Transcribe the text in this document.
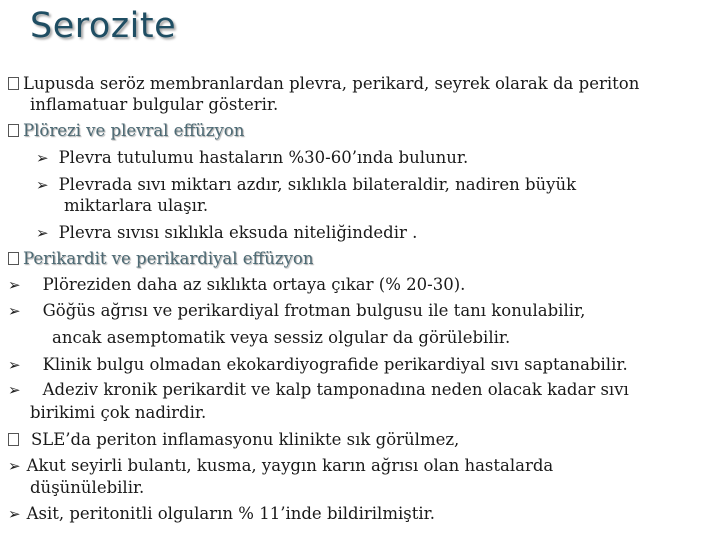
Serozite
Lupusda seröz membranlardan plevra, perikard, seyrek olarak da periton
inflamatuar bulgular gösterir.
Plörezi ve plevral effüzyon
➢ Plevra tutulumu hastaların %30-60’ında bulunur.
➢ Plevrada sıvı miktarı azdır, sıklıkla bilateraldir, nadiren büyük
miktarlara ulaşır.
➢ Plevra sıvısı sıklıkla eksuda niteliğindedir .
Perikardit ve perikardiyal effüzyon
➢ Plöreziden daha az sıklıkta ortaya çıkar (% 20-30).
➢ Göğüs ağrısı ve perikardiyal frotman bulgusu ile tanı konulabilir,
ancak asemptomatik veya sessiz olgular da görülebilir.
➢ Klinik bulgu olmadan ekokardiyografide perikardiyal sıvı saptanabilir.
➢ Adeziv kronik perikardit ve kalp tamponadına neden olacak kadar sıvı
birikimi çok nadirdir.
SLE’da periton inflamasyonu klinikte sık görülmez,
➢ Akut seyirli bulantı, kusma, yaygın karın ağrısı olan hastalarda
düşünülebilir.
➢ Asit, peritonitli olguların % 11’inde bildirilmiştir.
